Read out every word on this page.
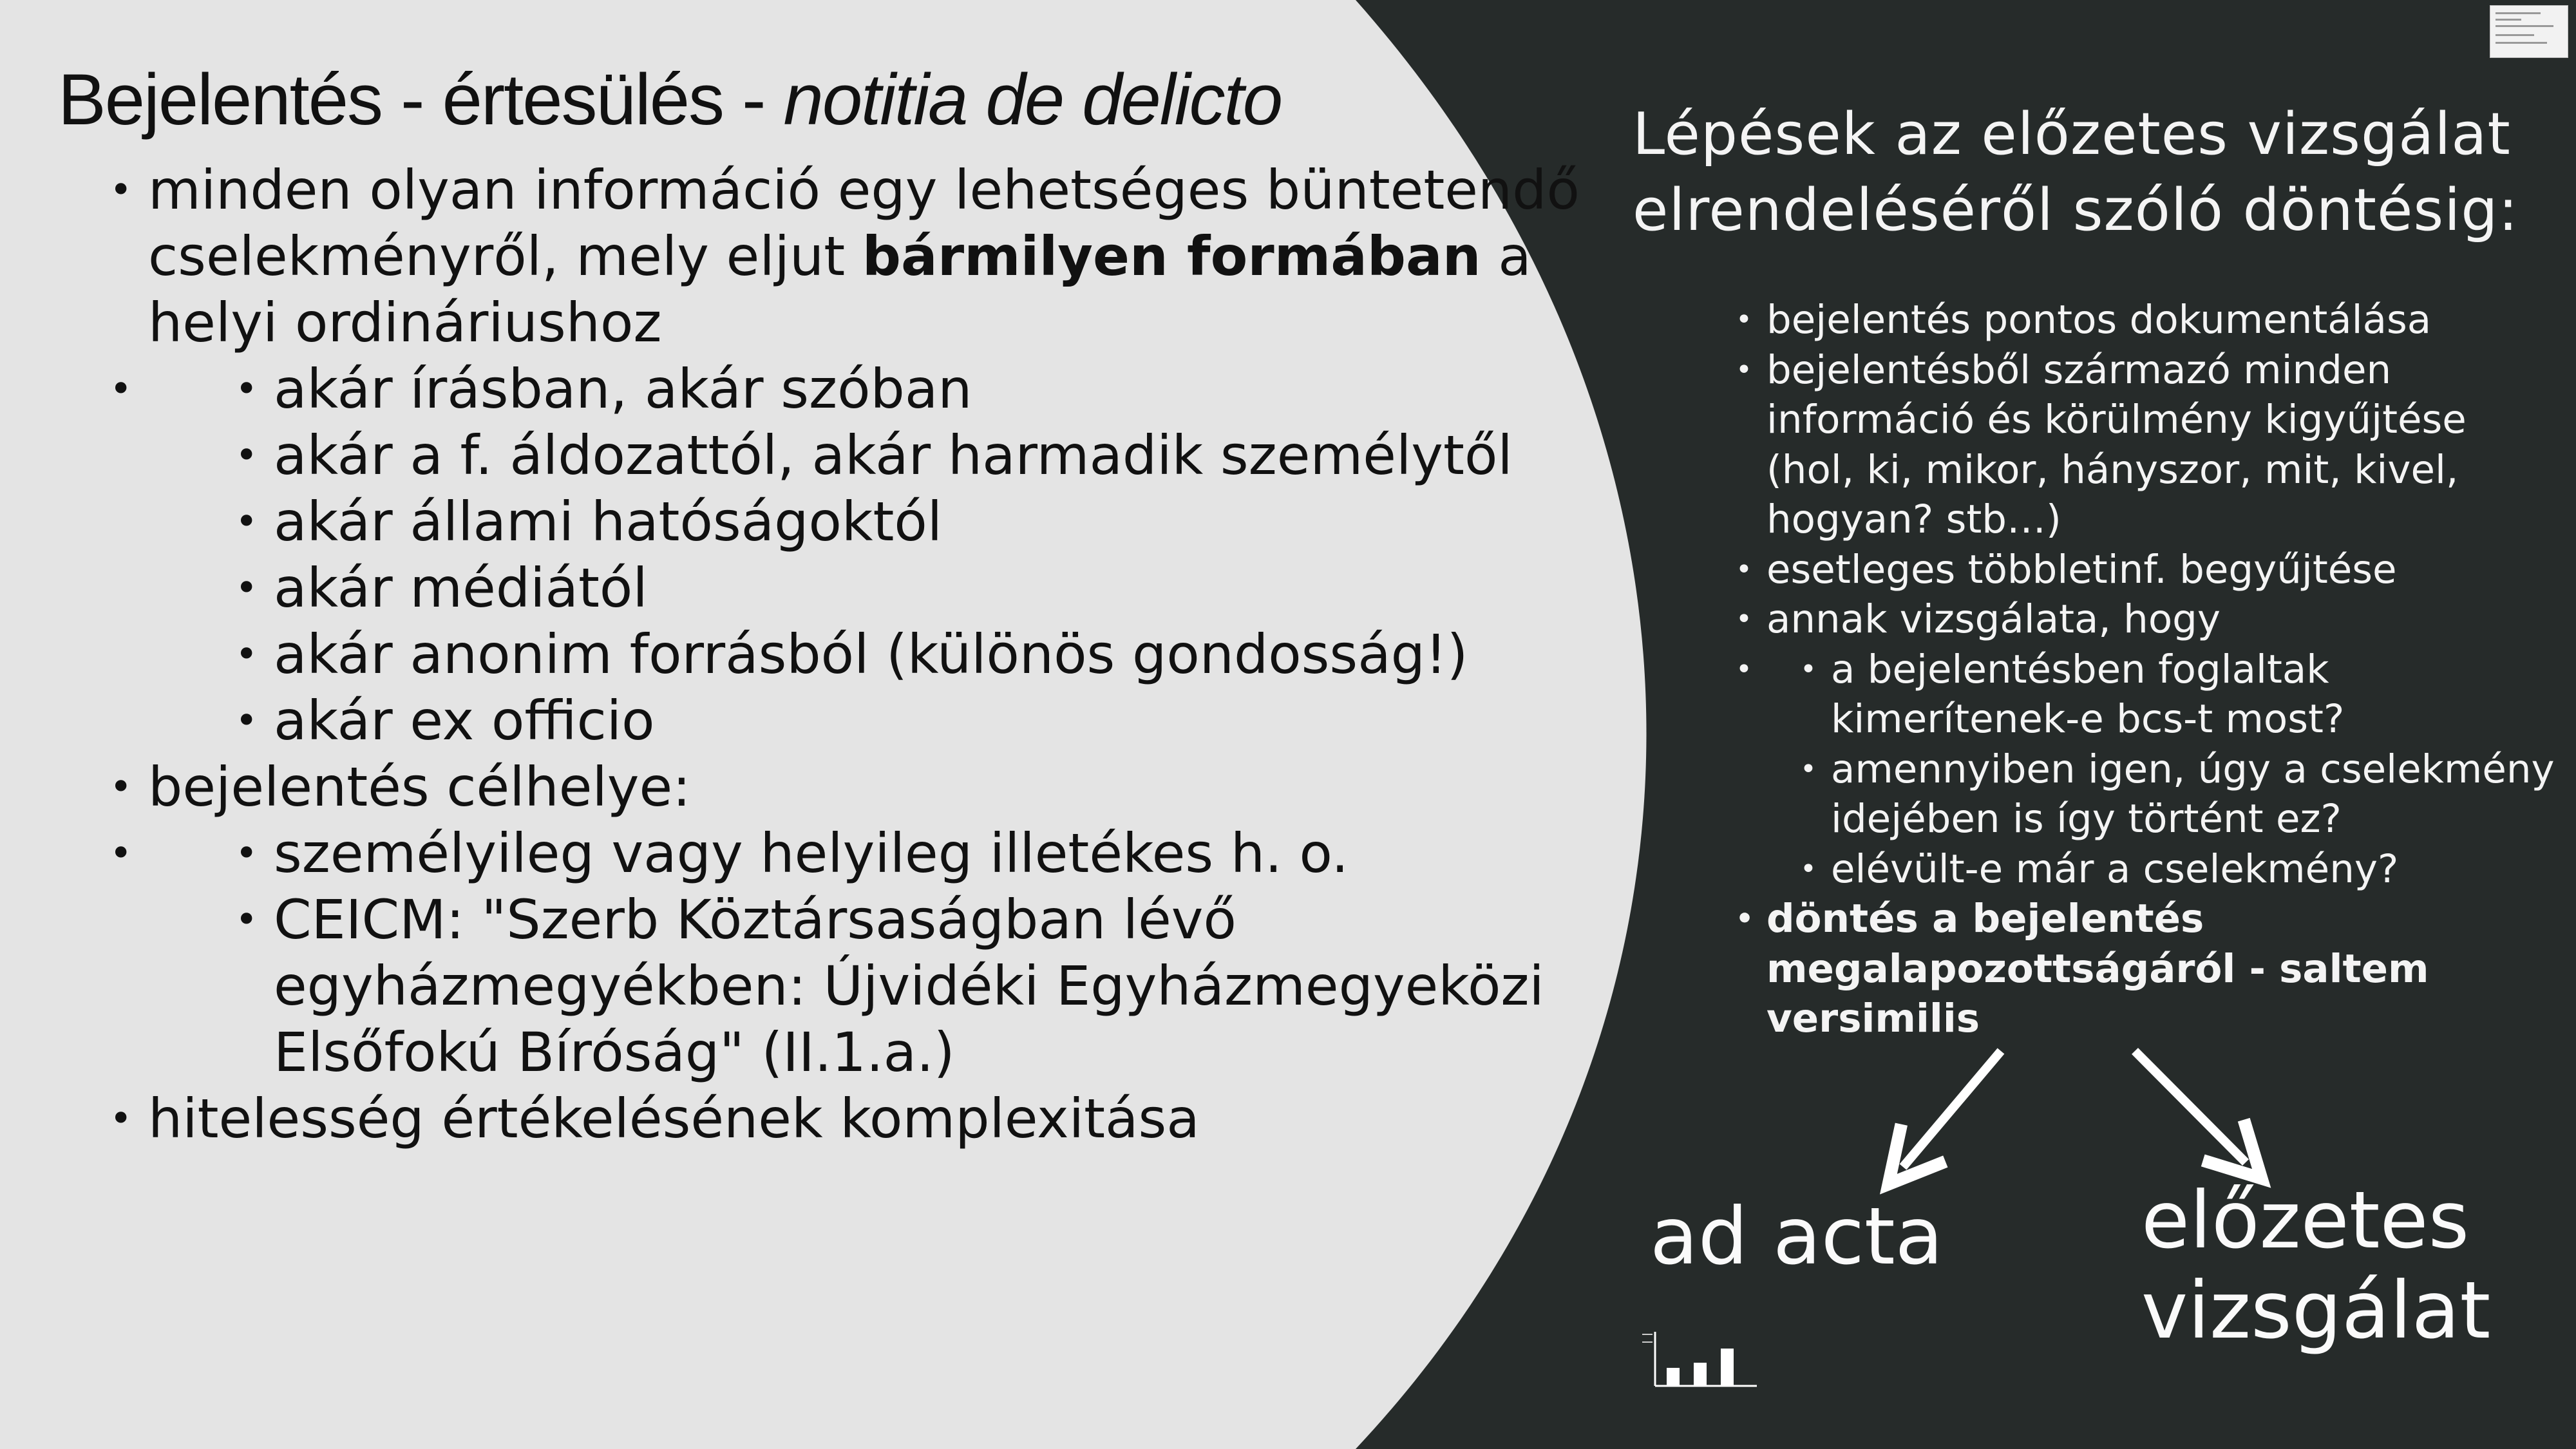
Bejelentés - értesülés - notitia de delicto
• minden olyan információ egy lehetséges büntetendő cselekményről, mely eljut bármilyen formában a helyi ordináriushoz
• • akár írásban, akár szóban
• akár a f. áldozattól, akár harmadik személytől
• akár állami hatóságoktól
• akár médiától
• akár anonim forrásból (különös gondosság!)
• akár ex officio
• bejelentés célhelye:
• • személyileg vagy helyileg illetékes h. o.
• CEICM: "Szerb Köztársaságban lévő egyházmegyékben: Újvidéki Egyházmegyeközi Elsőfokú Bíróság" (II.1.a.)
• hitelesség értékelésének komplexitása
Lépések az előzetes vizsgálat
elrendeléséről szóló döntésig:
• bejelentés pontos dokumentálása
• bejelentésből származó minden információ és körülmény kigyűjtése (hol, ki, mikor, hányszor, mit, kivel, hogyan? stb…)
• esetleges többletinf. begyűjtése
• annak vizsgálata, hogy
• • a bejelentésben foglaltak kimerítenek-e bcs-t most?
• amennyiben igen, úgy a cselekmény idejében is így történt ez?
• elévült-e már a cselekmény?
• döntés a bejelentés megalapozottságáról - saltem versimilis
ad acta	előzetes
vizsgálat
